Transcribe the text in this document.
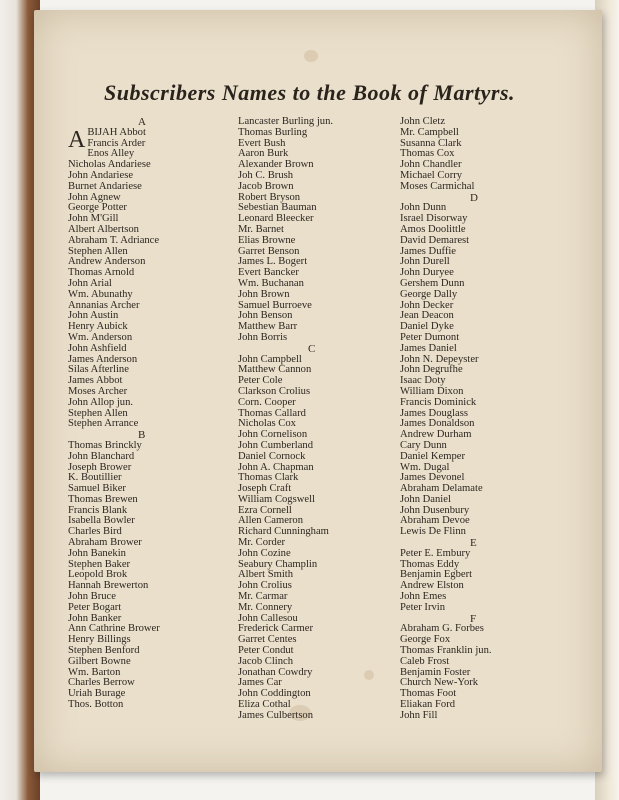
Subscribers Names to the Book of Martyrs.
A
ABIJAH Abbot
Francis Arder
Enos Alley
Nicholas Andariese
John Andariese
Burnet Andariese
John Agnew
George Potter
John M'Gill
Albert Albertson
Abraham T. Adriance
Stephen Allen
Andrew Anderson
Thomas Arnold
John Arial
Wm. Abunathy
Annanias Archer
John Austin
Henry Aubick
Wm. Anderson
John Ashfield
James Anderson
Silas Afterline
James Abbot
Moses Archer
John Allop jun.
Stephen Allen
Stephen Arrance
B
Thomas Brinckly
John Blanchard
Joseph Brower
K. Boutillier
Samuel Biker
Thomas Brewen
Francis Blank
Isabella Bowler
Charles Bird
Abraham Brower
John Banekin
Stephen Baker
Leopold Brok
Hannah Brewerton
John Bruce
Peter Bogart
John Banker
Ann Cathrine Brower
Henry Billings
Stephen Benford
Gilbert Bowne
Wm. Barton
Charles Berrow
Uriah Burage
Thos. Botton
Lancaster Burling jun.
Thomas Burling
Evert Bush
Aaron Burk
Alexander Brown
Joh C. Brush
Jacob Brown
Robert Bryson
Sebestian Bauman
Leonard Bleecker
Mr. Barnet
Elias Browne
Garret Benson
James L. Bogert
Evert Bancker
Wm. Buchanan
John Brown
Samuel Burroeve
John Benson
Matthew Barr
John Borris
C
John Campbell
Matthew Cannon
Peter Cole
Clarkson Crolius
Corn. Cooper
Thomas Callard
Nicholas Cox
John Cornelison
John Cumberland
Daniel Cornock
John A. Chapman
Thomas Clark
Joseph Craft
William Cogswell
Ezra Cornell
Allen Cameron
Richard Cunningham
Mr. Corder
John Cozine
Seabury Champlin
Albert Smith
John Crolius
Mr. Carmar
Mr. Connery
John Callesou
Frederick Carmer
Garret Centes
Peter Condut
Jacob Clinch
Jonathan Cowdry
James Car
John Coddington
Eliza Cothal
James Culbertson
John Cletz
Mr. Campbell
Susanna Clark
Thomas Cox
John Chandler
Michael Corry
Moses Carmichal
D
John Dunn
Israel Disorway
Amos Doolittle
David Demarest
James Duffie
John Durell
John Duryee
Gershem Dunn
George Dally
John Decker
Jean Deacon
Daniel Dyke
Peter Dumont
James Daniel
John N. Depeyster
John Degrufhe
Isaac Doty
William Dixon
Francis Dominick
James Douglass
James Donaldson
Andrew Durham
Cary Dunn
Daniel Kemper
Wm. Dugal
James Devonel
Abraham Delamate
John Daniel
John Dusenbury
Abraham Devoe
Lewis De Flinn
E
Peter E. Embury
Thomas Eddy
Benjamin Egbert
Andrew Elston
John Emes
Peter Irvin
F
Abraham G. Forbes
George Fox
Thomas Franklin jun.
Caleb Frost
Benjamin Foster
Church New-York
Thomas Foot
Eliakan Ford
John Fill
